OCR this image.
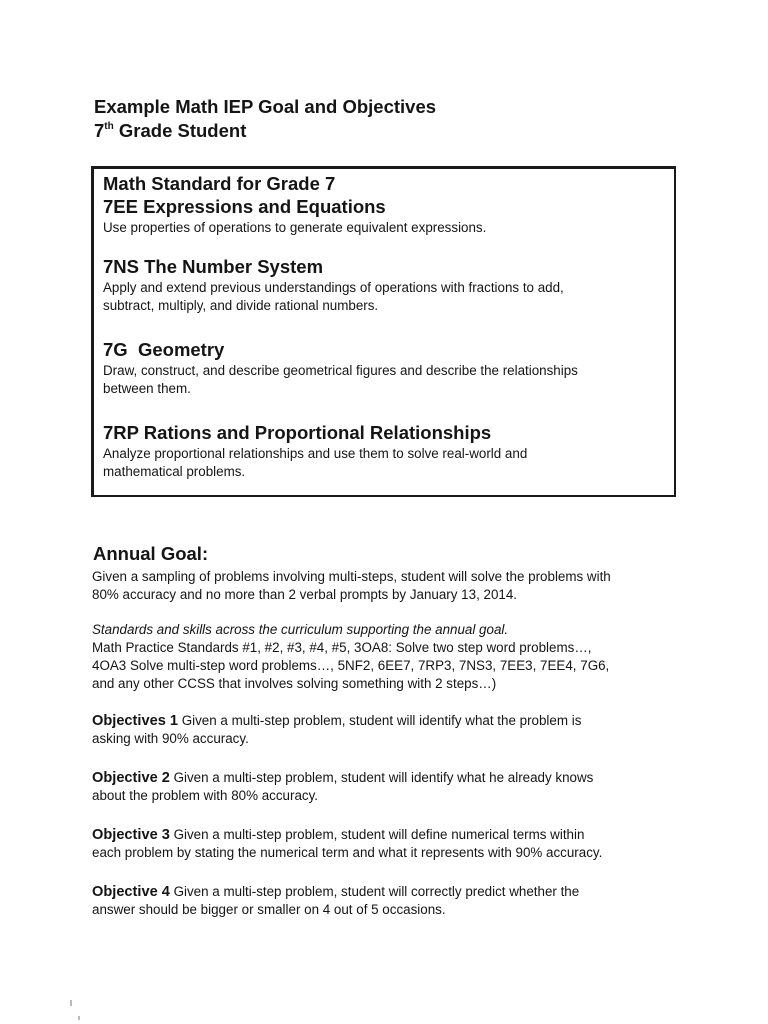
Example Math IEP Goal and Objectives
7th Grade Student
Math Standard for Grade 7
7EE Expressions and Equations

Use properties of operations to generate equivalent expressions.

7NS The Number System

Apply and extend previous understandings of operations with fractions to add,
subtract, multiply, and divide rational numbers.

7G  Geometry

Draw, construct, and describe geometrical figures and describe the relationships
between them.

7RP Rations and Proportional Relationships

Analyze proportional relationships and use them to solve real-world and
mathematical problems.

Annual Goal:

Given a sampling of problems involving multi-steps, student will solve the problems with
80% accuracy and no more than 2 verbal prompts by January 13, 2014.

Standards and skills across the curriculum supporting the annual goal.
Math Practice Standards #1, #2, #3, #4, #5, 3OA8: Solve two step word problems…,
4OA3 Solve multi-step word problems…, 5NF2, 6EE7, 7RP3, 7NS3, 7EE3, 7EE4, 7G6,
and any other CCSS that involves solving something with 2 steps…)

Objectives 1 Given a multi-step problem, student will identify what the problem is
asking with 90% accuracy.

Objective 2 Given a multi-step problem, student will identify what he already knows
about the problem with 80% accuracy.

Objective 3 Given a multi-step problem, student will define numerical terms within
each problem by stating the numerical term and what it represents with 90% accuracy.

Objective 4 Given a multi-step problem, student will correctly predict whether the
answer should be bigger or smaller on 4 out of 5 occasions.
